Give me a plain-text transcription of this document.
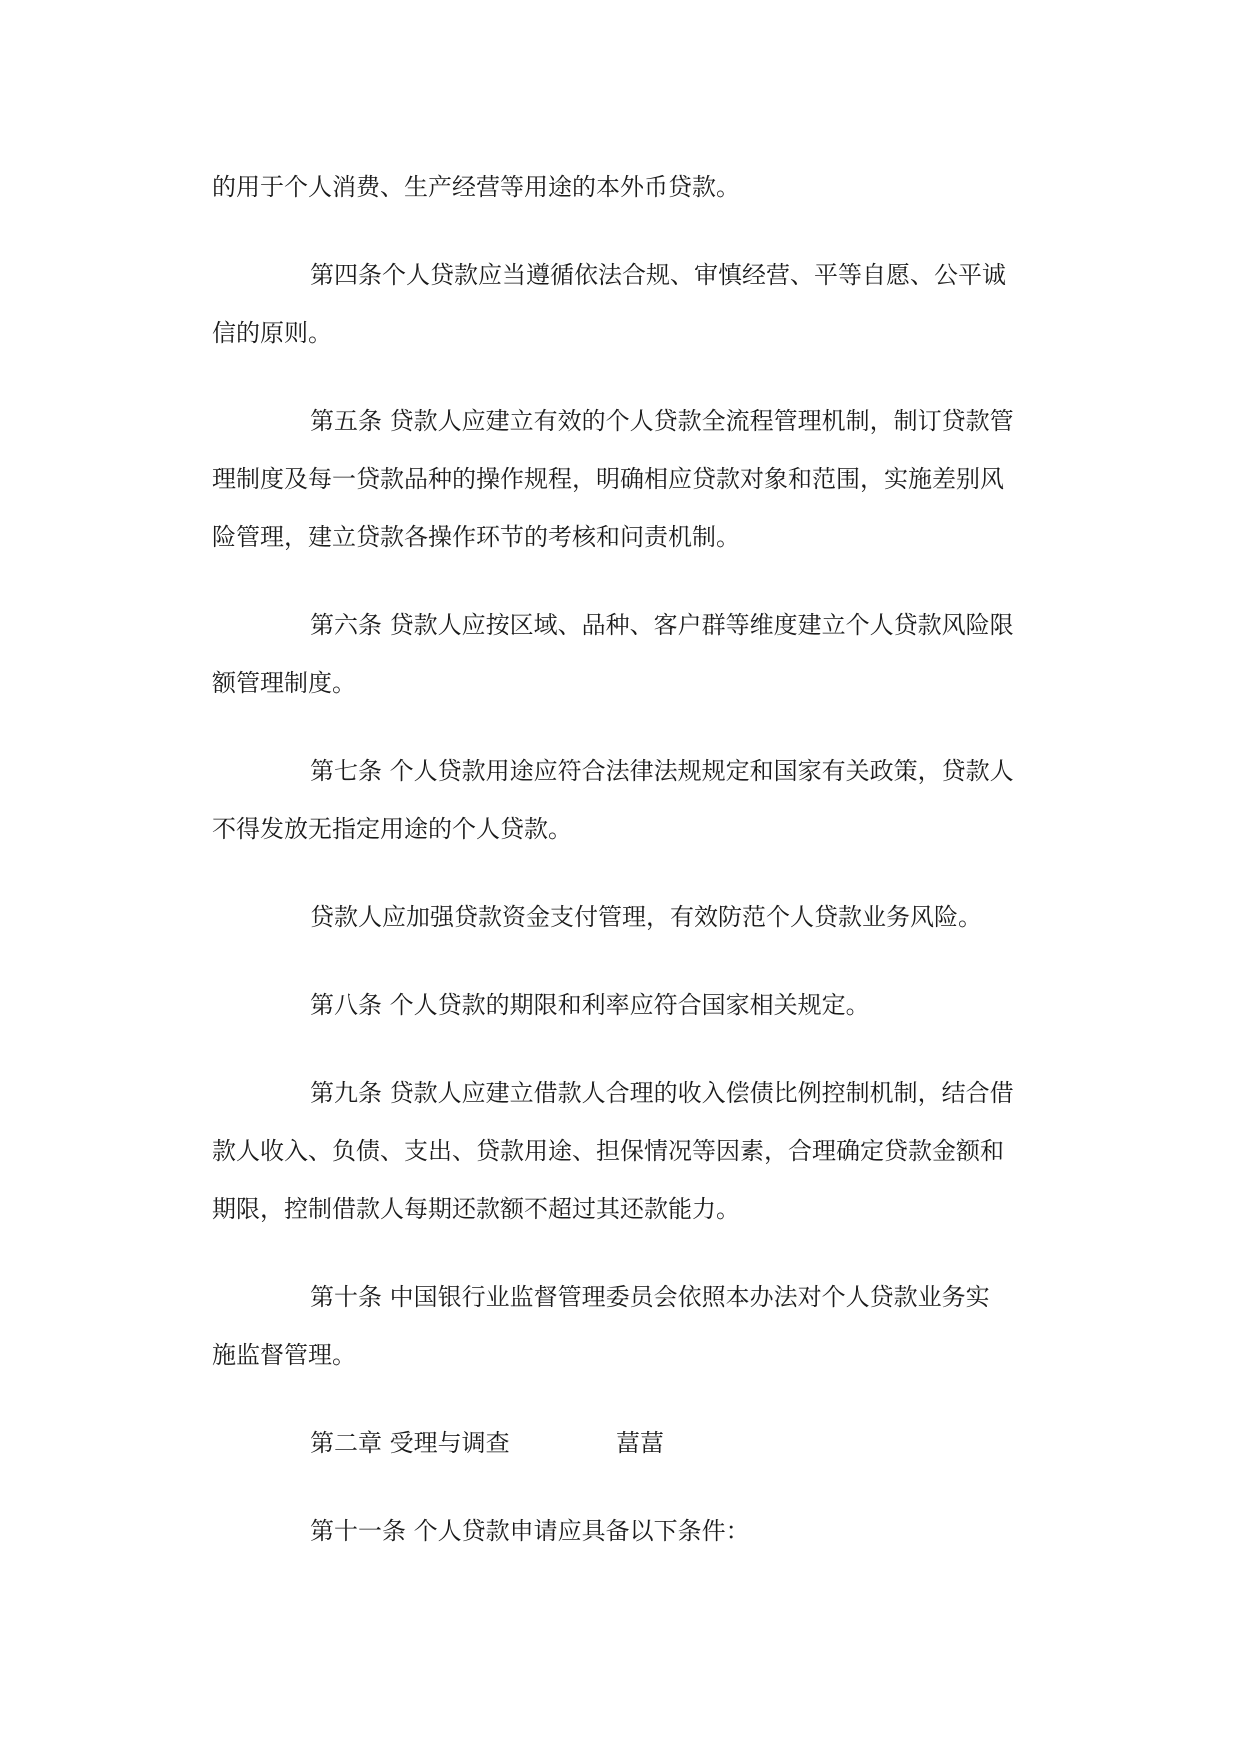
的用于个人消费、生产经营等用途的本外币贷款。

第四条个人贷款应当遵循依法合规、审慎经营、平等自愿、公平诚
信的原则。

第五条 贷款人应建立有效的个人贷款全流程管理机制，制订贷款管
理制度及每一贷款品种的操作规程，明确相应贷款对象和范围，实施差别风
险管理，建立贷款各操作环节的考核和问责机制。

第六条 贷款人应按区域、品种、客户群等维度建立个人贷款风险限
额管理制度。

第七条 个人贷款用途应符合法律法规规定和国家有关政策，贷款人
不得发放无指定用途的个人贷款。

贷款人应加强贷款资金支付管理，有效防范个人贷款业务风险。

第八条 个人贷款的期限和利率应符合国家相关规定。

第九条 贷款人应建立借款人合理的收入偿债比例控制机制，结合借
款人收入、负债、支出、贷款用途、担保情况等因素，合理确定贷款金额和
期限，控制借款人每期还款额不超过其还款能力。

第十条 中国银行业监督管理委员会依照本办法对个人贷款业务实
施监督管理。

第二章 受理与调查	葍葍

第十一条 个人贷款申请应具备以下条件：
